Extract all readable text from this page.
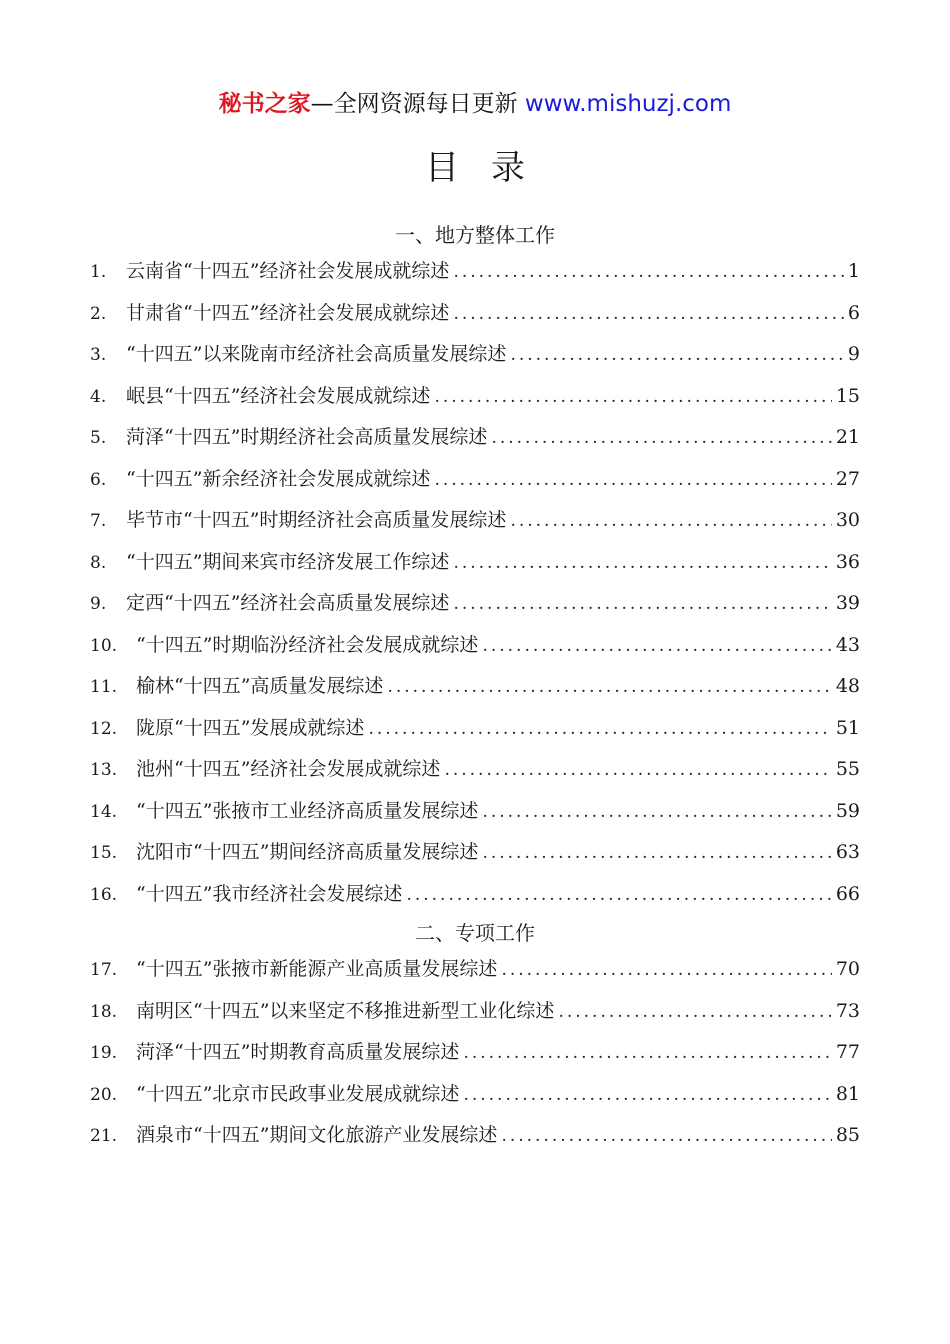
秘书之家—全网资源每日更新 www.mishuzj.com
目录
一、地方整体工作
1.	云南省“十四五”经济社会发展成就综述 .....	1
2.	甘肃省“十四五”经济社会发展成就综述 .....	6
3.	“十四五”以来陇南市经济社会高质量发展综述 .....	9
4.	岷县“十四五”经济社会发展成就综述 .....	15
5.	菏泽“十四五”时期经济社会高质量发展综述 .....	21
6.	“十四五”新余经济社会发展成就综述 .....	27
7.	毕节市“十四五”时期经济社会高质量发展综述 .....	30
8.	“十四五”期间来宾市经济发展工作综述 .....	36
9.	定西“十四五”经济社会高质量发展综述 .....	39
10. “十四五”时期临汾经济社会发展成就综述 .....	43
11. 榆林“十四五”高质量发展综述 .....	48
12. 陇原“十四五”发展成就综述 .....	51
13. 池州“十四五”经济社会发展成就综述 .....	55
14. “十四五”张掖市工业经济高质量发展综述 .....	59
15. 沈阳市“十四五”期间经济高质量发展综述 .....	63
16. “十四五”我市经济社会发展综述 .....	66
二、专项工作
17. “十四五”张掖市新能源产业高质量发展综述 .....	70
18. 南明区“十四五”以来坚定不移推进新型工业化综述 .....	73
19. 菏泽“十四五”时期教育高质量发展综述 .....	77
20. “十四五”北京市民政事业发展成就综述 .....	81
21. 酒泉市“十四五”期间文化旅游产业发展综述 .....	85
